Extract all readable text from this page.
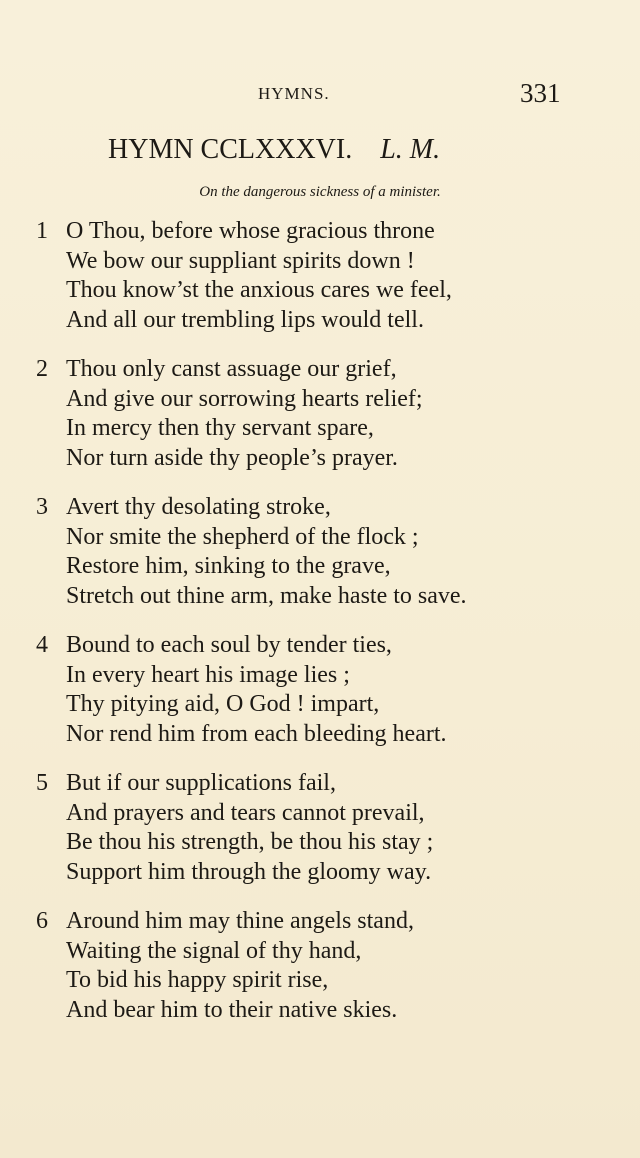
HYMNS.	331
HYMN CCLXXXVI. L. M.
On the dangerous sickness of a minister.
1 O Thou, before whose gracious throne
We bow our suppliant spirits down !
Thou know’st the anxious cares we feel,
And all our trembling lips would tell.
2 Thou only canst assuage our grief,
And give our sorrowing hearts relief;
In mercy then thy servant spare,
Nor turn aside thy people’s prayer.
3 Avert thy desolating stroke,
Nor smite the shepherd of the flock ;
Restore him, sinking to the grave,
Stretch out thine arm, make haste to save.
4 Bound to each soul by tender ties,
In every heart his image lies ;
Thy pitying aid, O God ! impart,
Nor rend him from each bleeding heart.
5 But if our supplications fail,
And prayers and tears cannot prevail,
Be thou his strength, be thou his stay ;
Support him through the gloomy way.
6 Around him may thine angels stand,
Waiting the signal of thy hand,
To bid his happy spirit rise,
And bear him to their native skies.
